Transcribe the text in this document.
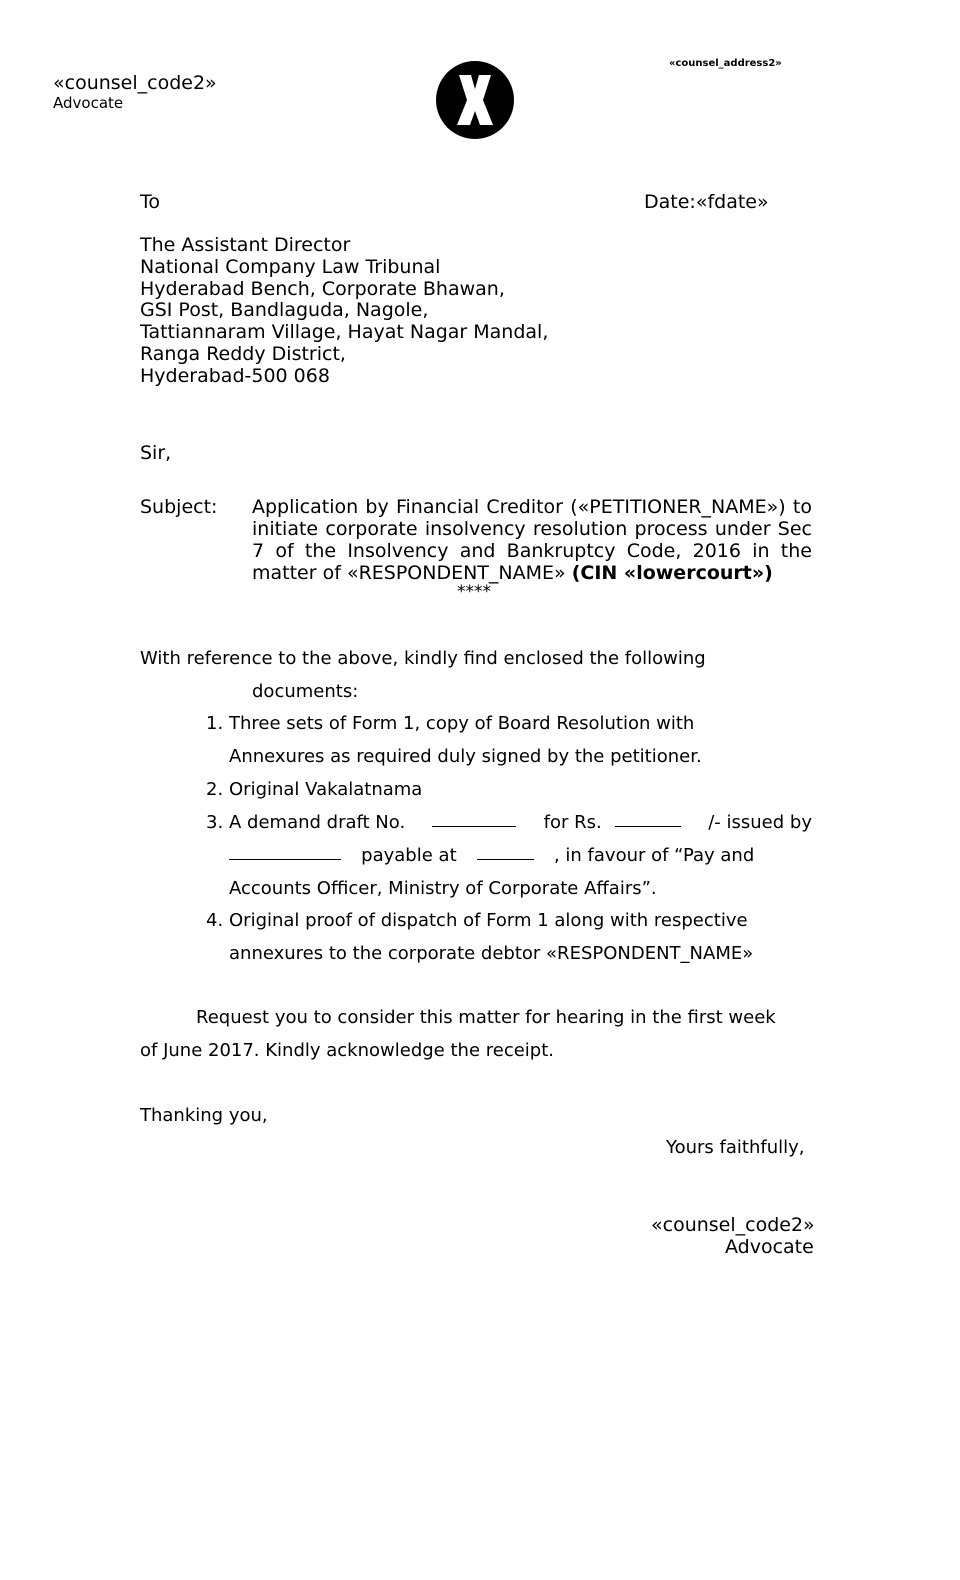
«counsel_code2»
Advocate
«counsel_address2»
To	Date:«fdate»
The Assistant Director
National Company Law Tribunal
Hyderabad Bench, Corporate Bhawan,
GSI Post, Bandlaguda, Nagole,
Tattiannaram Village, Hayat Nagar Mandal,
Ranga Reddy District,
Hyderabad-500 068
Sir,
Subject: Application by Financial Creditor («PETITIONER_NAME») to
initiate corporate insolvency resolution process under Sec
7 of the Insolvency and Bankruptcy Code, 2016 in the
matter of «RESPONDENT_NAME» (CIN «lowercourt»)
****
With reference to the above, kindly find enclosed the following
documents:
1. Three sets of Form 1, copy of Board Resolution with
Annexures as required duly signed by the petitioner.
2. Original Vakalatnama
3. A demand draft No.	for Rs.	/- issued by
payable at	, in favour of “Pay and
Accounts Officer, Ministry of Corporate Affairs”.
4. Original proof of dispatch of Form 1 along with respective
annexures to the corporate debtor «RESPONDENT_NAME»
Request you to consider this matter for hearing in the first week
of June 2017. Kindly acknowledge the receipt.
Thanking you,
Yours faithfully,
«counsel_code2»
Advocate
